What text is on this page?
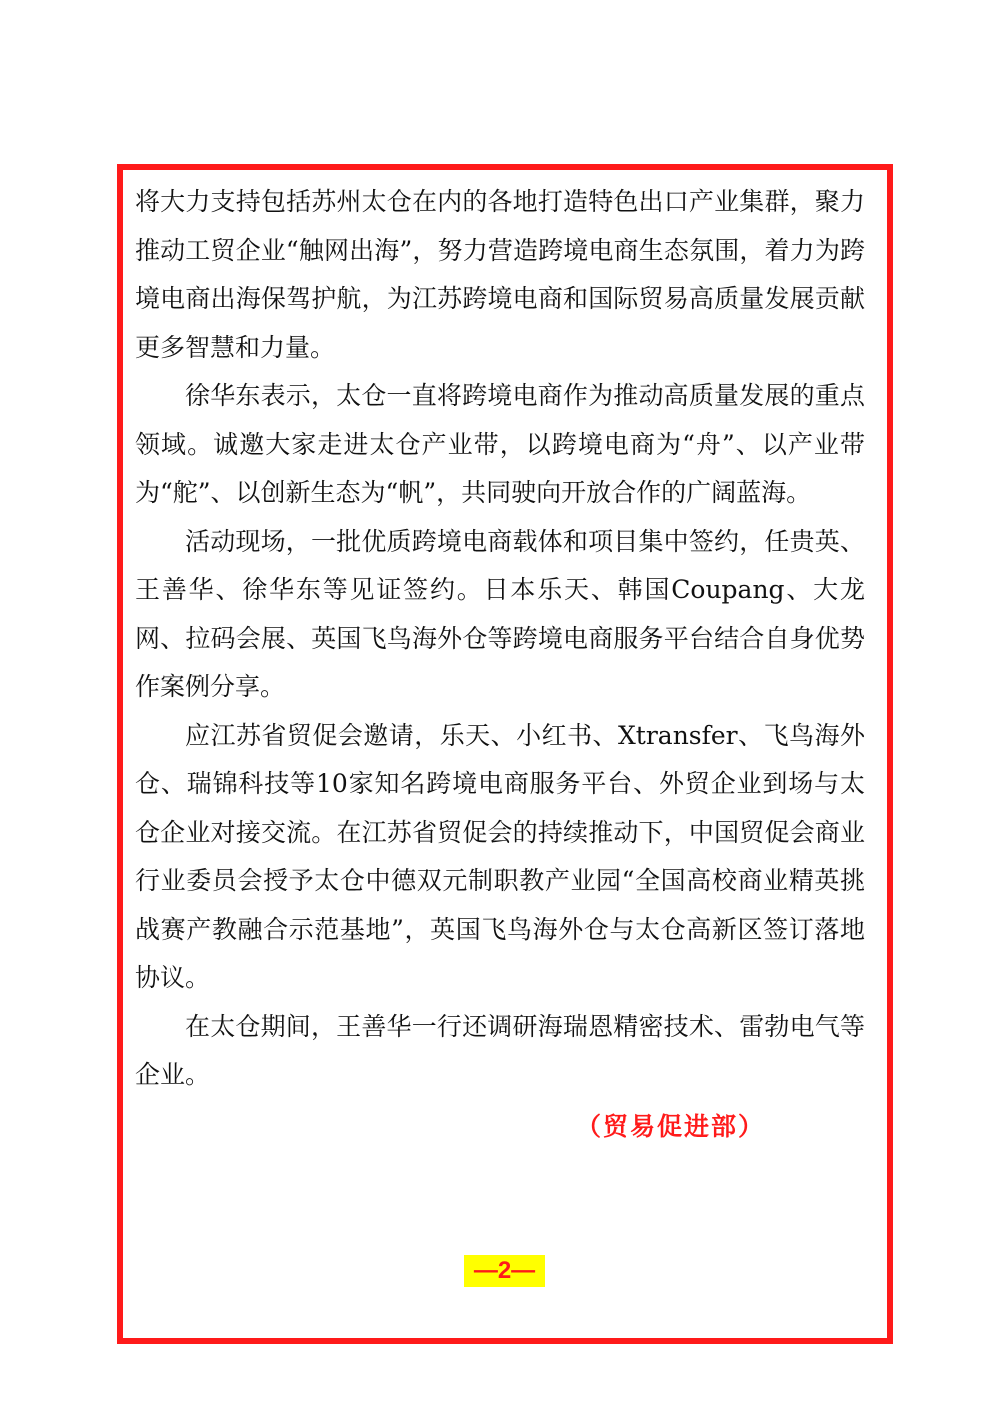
将大力支持包括苏州太仓在内的各地打造特色出口产业集群，聚力推动工贸企业“触网出海”，努力营造跨境电商生态氛围，着力为跨境电商出海保驾护航，为江苏跨境电商和国际贸易高质量发展贡献更多智慧和力量。

徐华东表示，太仓一直将跨境电商作为推动高质量发展的重点领域。诚邀大家走进太仓产业带，以跨境电商为“舟”、以产业带为“舵”、以创新生态为“帆”，共同驶向开放合作的广阔蓝海。

活动现场，一批优质跨境电商载体和项目集中签约，任贵英、王善华、徐华东等见证签约。日本乐天、韩国Coupang、大龙网、拉码会展、英国飞鸟海外仓等跨境电商服务平台结合自身优势作案例分享。

应江苏省贸促会邀请，乐天、小红书、Xtransfer、飞鸟海外仓、瑞锦科技等10家知名跨境电商服务平台、外贸企业到场与太仓企业对接交流。在江苏省贸促会的持续推动下，中国贸促会商业行业委员会授予太仓中德双元制职教产业园“全国高校商业精英挑战赛产教融合示范基地”，英国飞鸟海外仓与太仓高新区签订落地协议。

在太仓期间，王善华一行还调研海瑞恩精密技术、雷勃电气等企业。

（贸易促进部）
—2—
